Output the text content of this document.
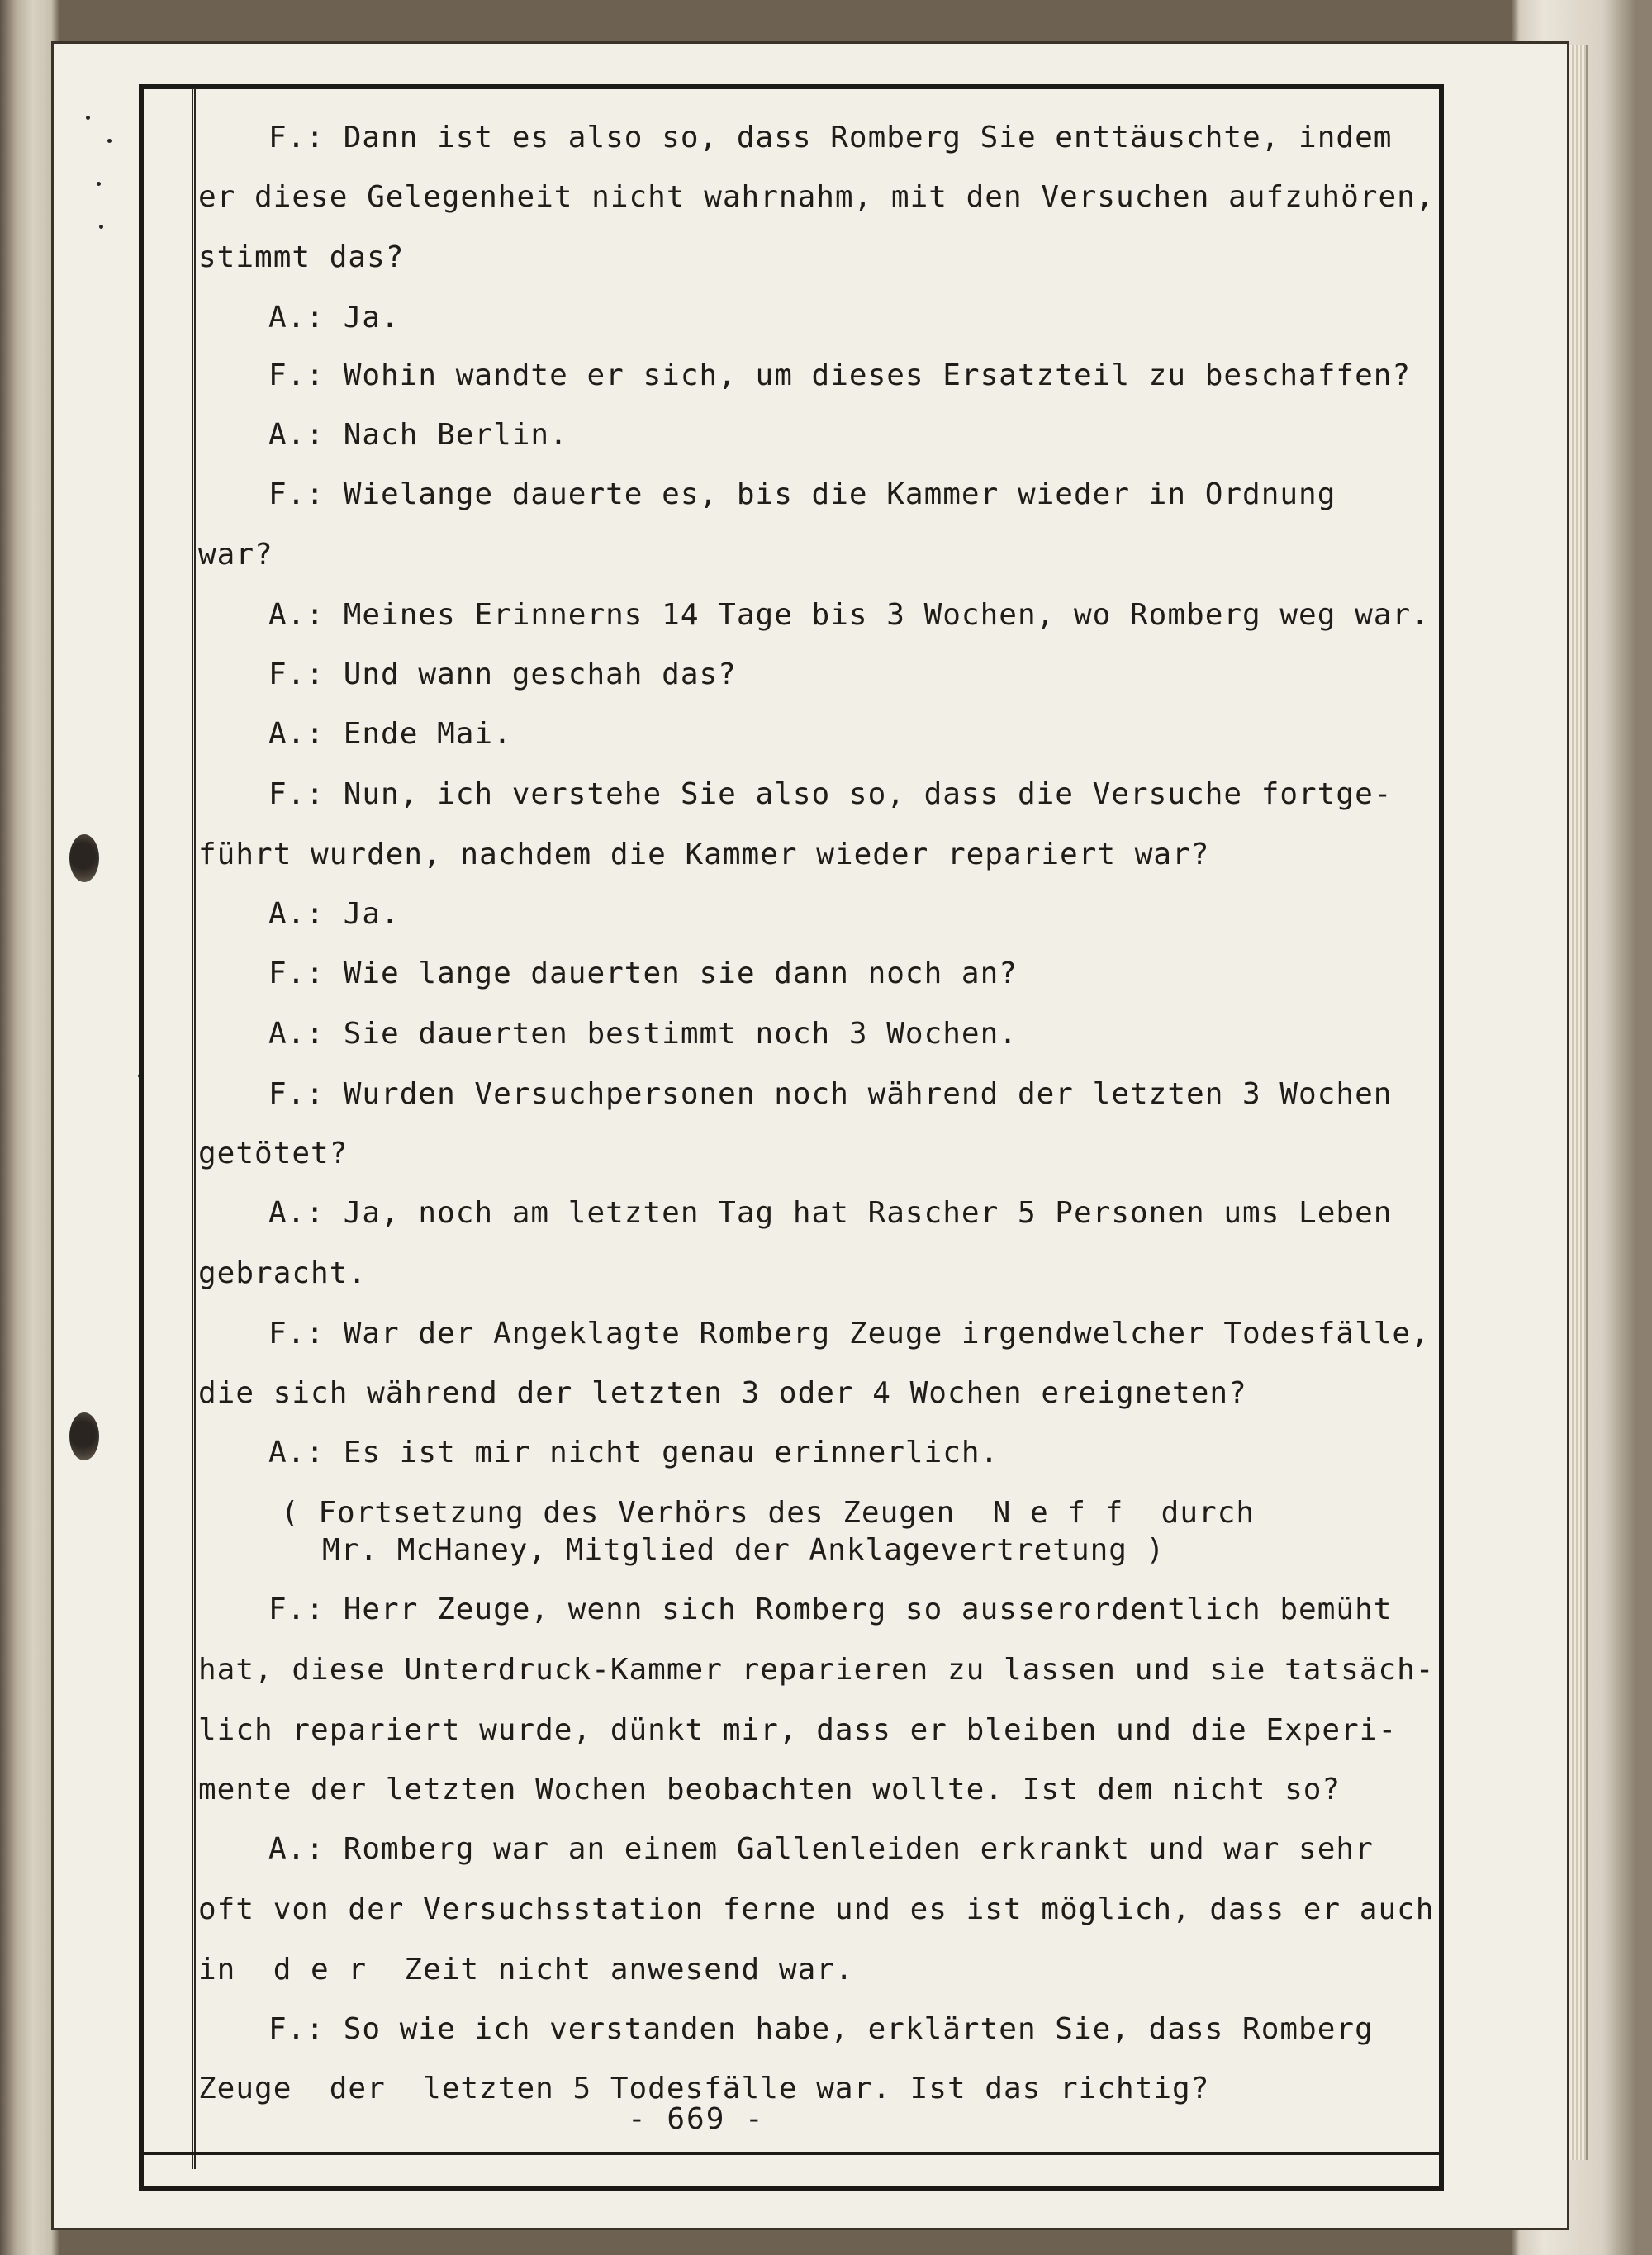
F.: Dann ist es also so, dass Romberg Sie enttäuschte, indem
er diese Gelegenheit nicht wahrnahm, mit den Versuchen aufzuhören,
stimmt das?
A.: Ja.
F.: Wohin wandte er sich, um dieses Ersatzteil zu beschaffen?
A.: Nach Berlin.
F.: Wielange dauerte es, bis die Kammer wieder in Ordnung
war?
A.: Meines Erinnerns 14 Tage bis 3 Wochen, wo Romberg weg war.
F.: Und wann geschah das?
A.: Ende Mai.
F.: Nun, ich verstehe Sie also so, dass die Versuche fortge-
führt wurden, nachdem die Kammer wieder repariert war?
A.: Ja.
F.: Wie lange dauerten sie dann noch an?
A.: Sie dauerten bestimmt noch 3 Wochen.
F.: Wurden Versuchpersonen noch während der letzten 3 Wochen
getötet?
A.: Ja, noch am letzten Tag hat Rascher 5 Personen ums Leben
gebracht.
F.: War der Angeklagte Romberg Zeuge irgendwelcher Todesfälle,
die sich während der letzten 3 oder 4 Wochen ereigneten?
A.: Es ist mir nicht genau erinnerlich.
( Fortsetzung des Verhörs des Zeugen  N e f f  durch
Mr. McHaney, Mitglied der Anklagevertretung )
F.: Herr Zeuge, wenn sich Romberg so ausserordentlich bemüht
hat, diese Unterdruck-Kammer reparieren zu lassen und sie tatsäch-
lich repariert wurde, dünkt mir, dass er bleiben und die Experi-
mente der letzten Wochen beobachten wollte. Ist dem nicht so?
A.: Romberg war an einem Gallenleiden erkrankt und war sehr
oft von der Versuchsstation ferne und es ist möglich, dass er auch
in  d e r  Zeit nicht anwesend war.
F.: So wie ich verstanden habe, erklärten Sie, dass Romberg
Zeuge  der  letzten 5 Todesfälle war. Ist das richtig?
- 669 -
